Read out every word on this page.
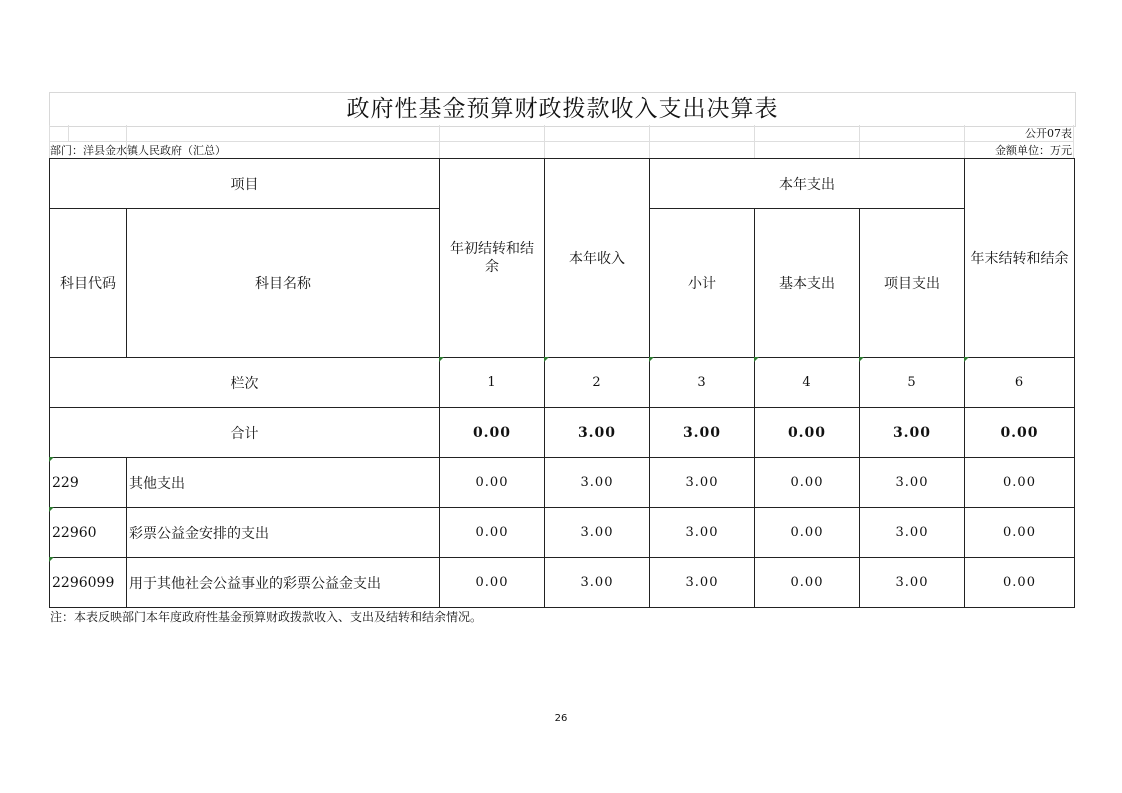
政府性基金预算财政拨款收入支出决算表
公开07表
部门：洋县金水镇人民政府（汇总）	金额单位：万元
项目		年初结转和结余	本年收入	本年支出			年末结转和结余
科目代码	科目名称			小计	基本支出	项目支出	
栏次		1	2	3	4	5	6
合计		0.00	3.00	3.00	0.00	3.00	0.00

229	其他支出	0.00	3.00	3.00	0.00	3.00	0.00

22960	彩票公益金安排的支出	0.00	3.00	3.00	0.00	3.00	0.00

2296099	用于其他社会公益事业的彩票公益金支出	0.00	3.00	3.00	0.00	3.00	0.00
注：本表反映部门本年度政府性基金预算财政拨款收入、支出及结转和结余情况。
26
